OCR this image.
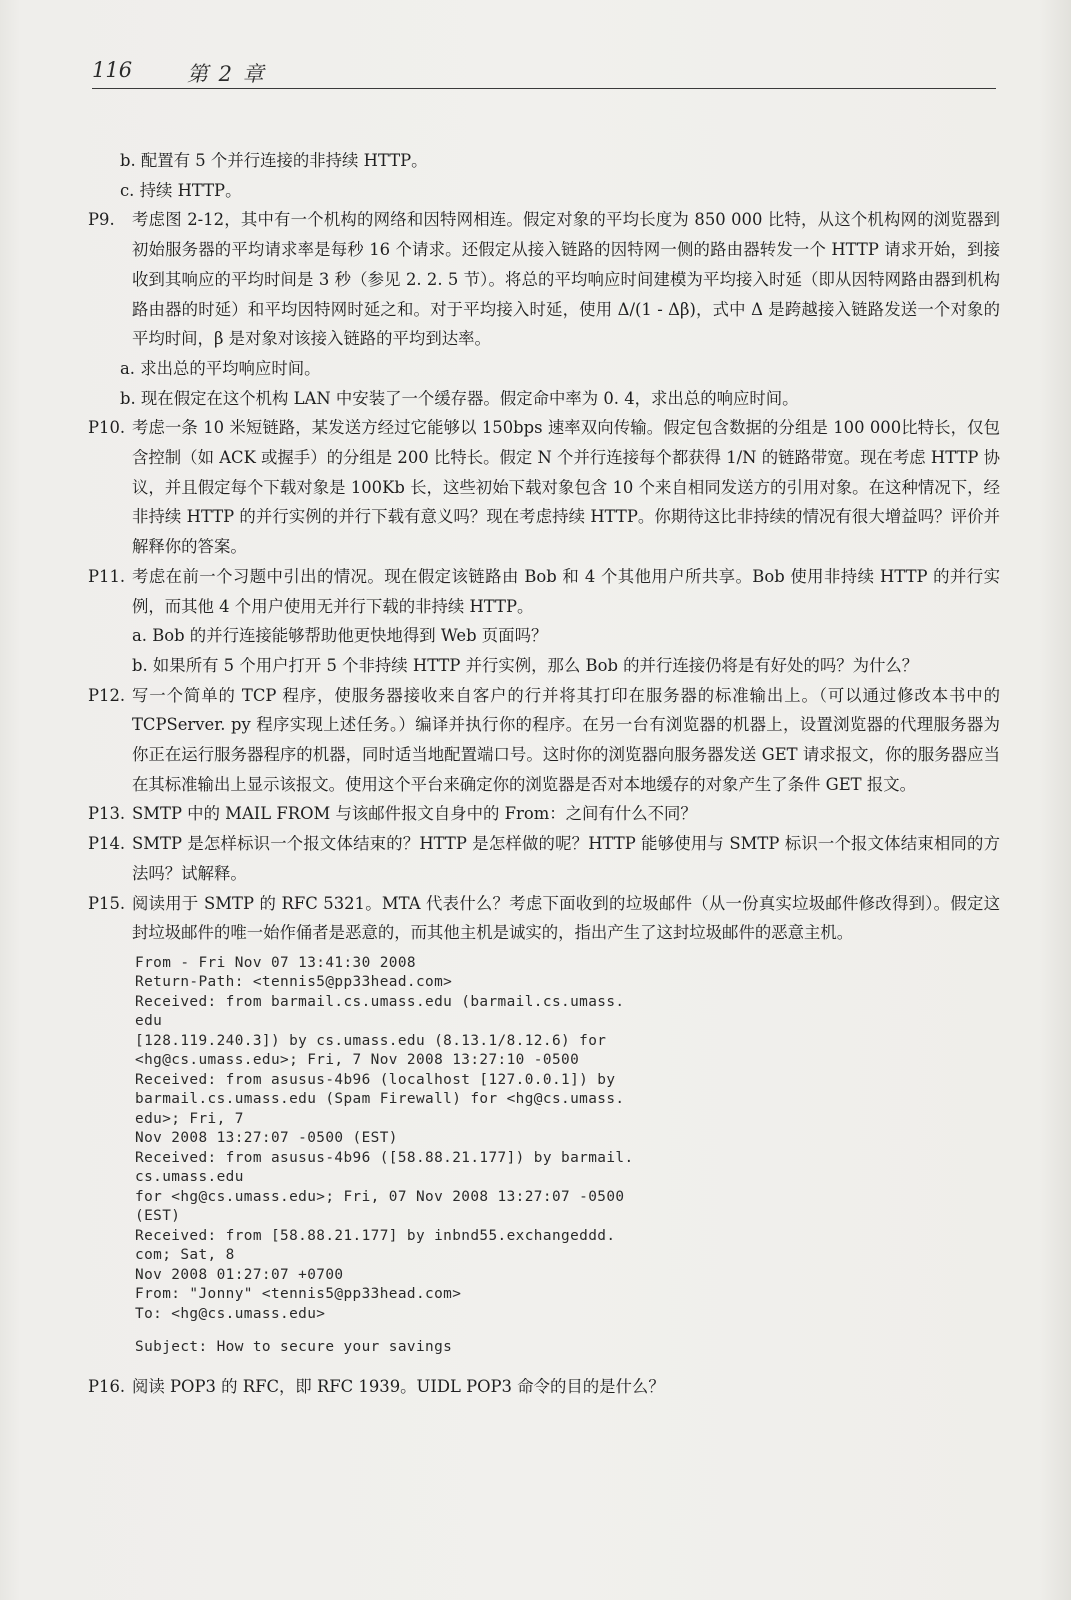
116	第 2 章
b. 配置有 5 个并行连接的非持续 HTTP。
c. 持续 HTTP。
P9.	考虑图 2-12，其中有一个机构的网络和因特网相连。假定对象的平均长度为 850 000 比特，从这个机构网的浏览器到初始服务器的平均请求率是每秒 16 个请求。还假定从接入链路的因特网一侧的路由器转发一个 HTTP 请求开始，到接收到其响应的平均时间是 3 秒（参见 2. 2. 5 节）。将总的平均响应时间建模为平均接入时延（即从因特网路由器到机构路由器的时延）和平均因特网时延之和。对于平均接入时延，使用 Δ/(1 - Δβ)，式中 Δ 是跨越接入链路发送一个对象的平均时间，β 是对象对该接入链路的平均到达率。
a. 求出总的平均响应时间。
b. 现在假定在这个机构 LAN 中安装了一个缓存器。假定命中率为 0. 4，求出总的响应时间。
P10. 考虑一条 10 米短链路，某发送方经过它能够以 150bps 速率双向传输。假定包含数据的分组是 100 000比特长，仅包含控制（如 ACK 或握手）的分组是 200 比特长。假定 N 个并行连接每个都获得 1/N 的链路带宽。现在考虑 HTTP 协议，并且假定每个下载对象是 100Kb 长，这些初始下载对象包含 10 个来自相同发送方的引用对象。在这种情况下，经非持续 HTTP 的并行实例的并行下载有意义吗？现在考虑持续 HTTP。你期待这比非持续的情况有很大增益吗？评价并解释你的答案。
P11. 考虑在前一个习题中引出的情况。现在假定该链路由 Bob 和 4 个其他用户所共享。Bob 使用非持续 HTTP 的并行实例，而其他 4 个用户使用无并行下载的非持续 HTTP。
a. Bob 的并行连接能够帮助他更快地得到 Web 页面吗？
b. 如果所有 5 个用户打开 5 个非持续 HTTP 并行实例，那么 Bob 的并行连接仍将是有好处的吗？为什么？
P12. 写一个简单的 TCP 程序，使服务器接收来自客户的行并将其打印在服务器的标准输出上。（可以通过修改本书中的 TCPServer. py 程序实现上述任务。）编译并执行你的程序。在另一台有浏览器的机器上，设置浏览器的代理服务器为你正在运行服务器程序的机器，同时适当地配置端口号。这时你的浏览器向服务器发送 GET 请求报文，你的服务器应当在其标准输出上显示该报文。使用这个平台来确定你的浏览器是否对本地缓存的对象产生了条件 GET 报文。
P13. SMTP 中的 MAIL FROM 与该邮件报文自身中的 From：之间有什么不同？
P14. SMTP 是怎样标识一个报文体结束的？HTTP 是怎样做的呢？HTTP 能够使用与 SMTP 标识一个报文体结束相同的方法吗？试解释。
P15. 阅读用于 SMTP 的 RFC 5321。MTA 代表什么？考虑下面收到的垃圾邮件（从一份真实垃圾邮件修改得到）。假定这封垃圾邮件的唯一始作俑者是恶意的，而其他主机是诚实的，指出产生了这封垃圾邮件的恶意主机。
From - Fri Nov 07 13:41:30 2008
Return-Path: <tennis5@pp33head.com>
Received: from barmail.cs.umass.edu (barmail.cs.umass.
edu
[128.119.240.3]) by cs.umass.edu (8.13.1/8.12.6) for
<hg@cs.umass.edu>; Fri, 7 Nov 2008 13:27:10 -0500
Received: from asusus-4b96 (localhost [127.0.0.1]) by
barmail.cs.umass.edu (Spam Firewall) for <hg@cs.umass.
edu>; Fri, 7
Nov 2008 13:27:07 -0500 (EST)
Received: from asusus-4b96 ([58.88.21.177]) by barmail.
cs.umass.edu
for <hg@cs.umass.edu>; Fri, 07 Nov 2008 13:27:07 -0500
(EST)
Received: from [58.88.21.177] by inbnd55.exchangeddd.
com; Sat, 8
Nov 2008 01:27:07 +0700
From: "Jonny" <tennis5@pp33head.com>
To: <hg@cs.umass.edu>

Subject: How to secure your savings
P16. 阅读 POP3 的 RFC，即 RFC 1939。UIDL POP3 命令的目的是什么？
